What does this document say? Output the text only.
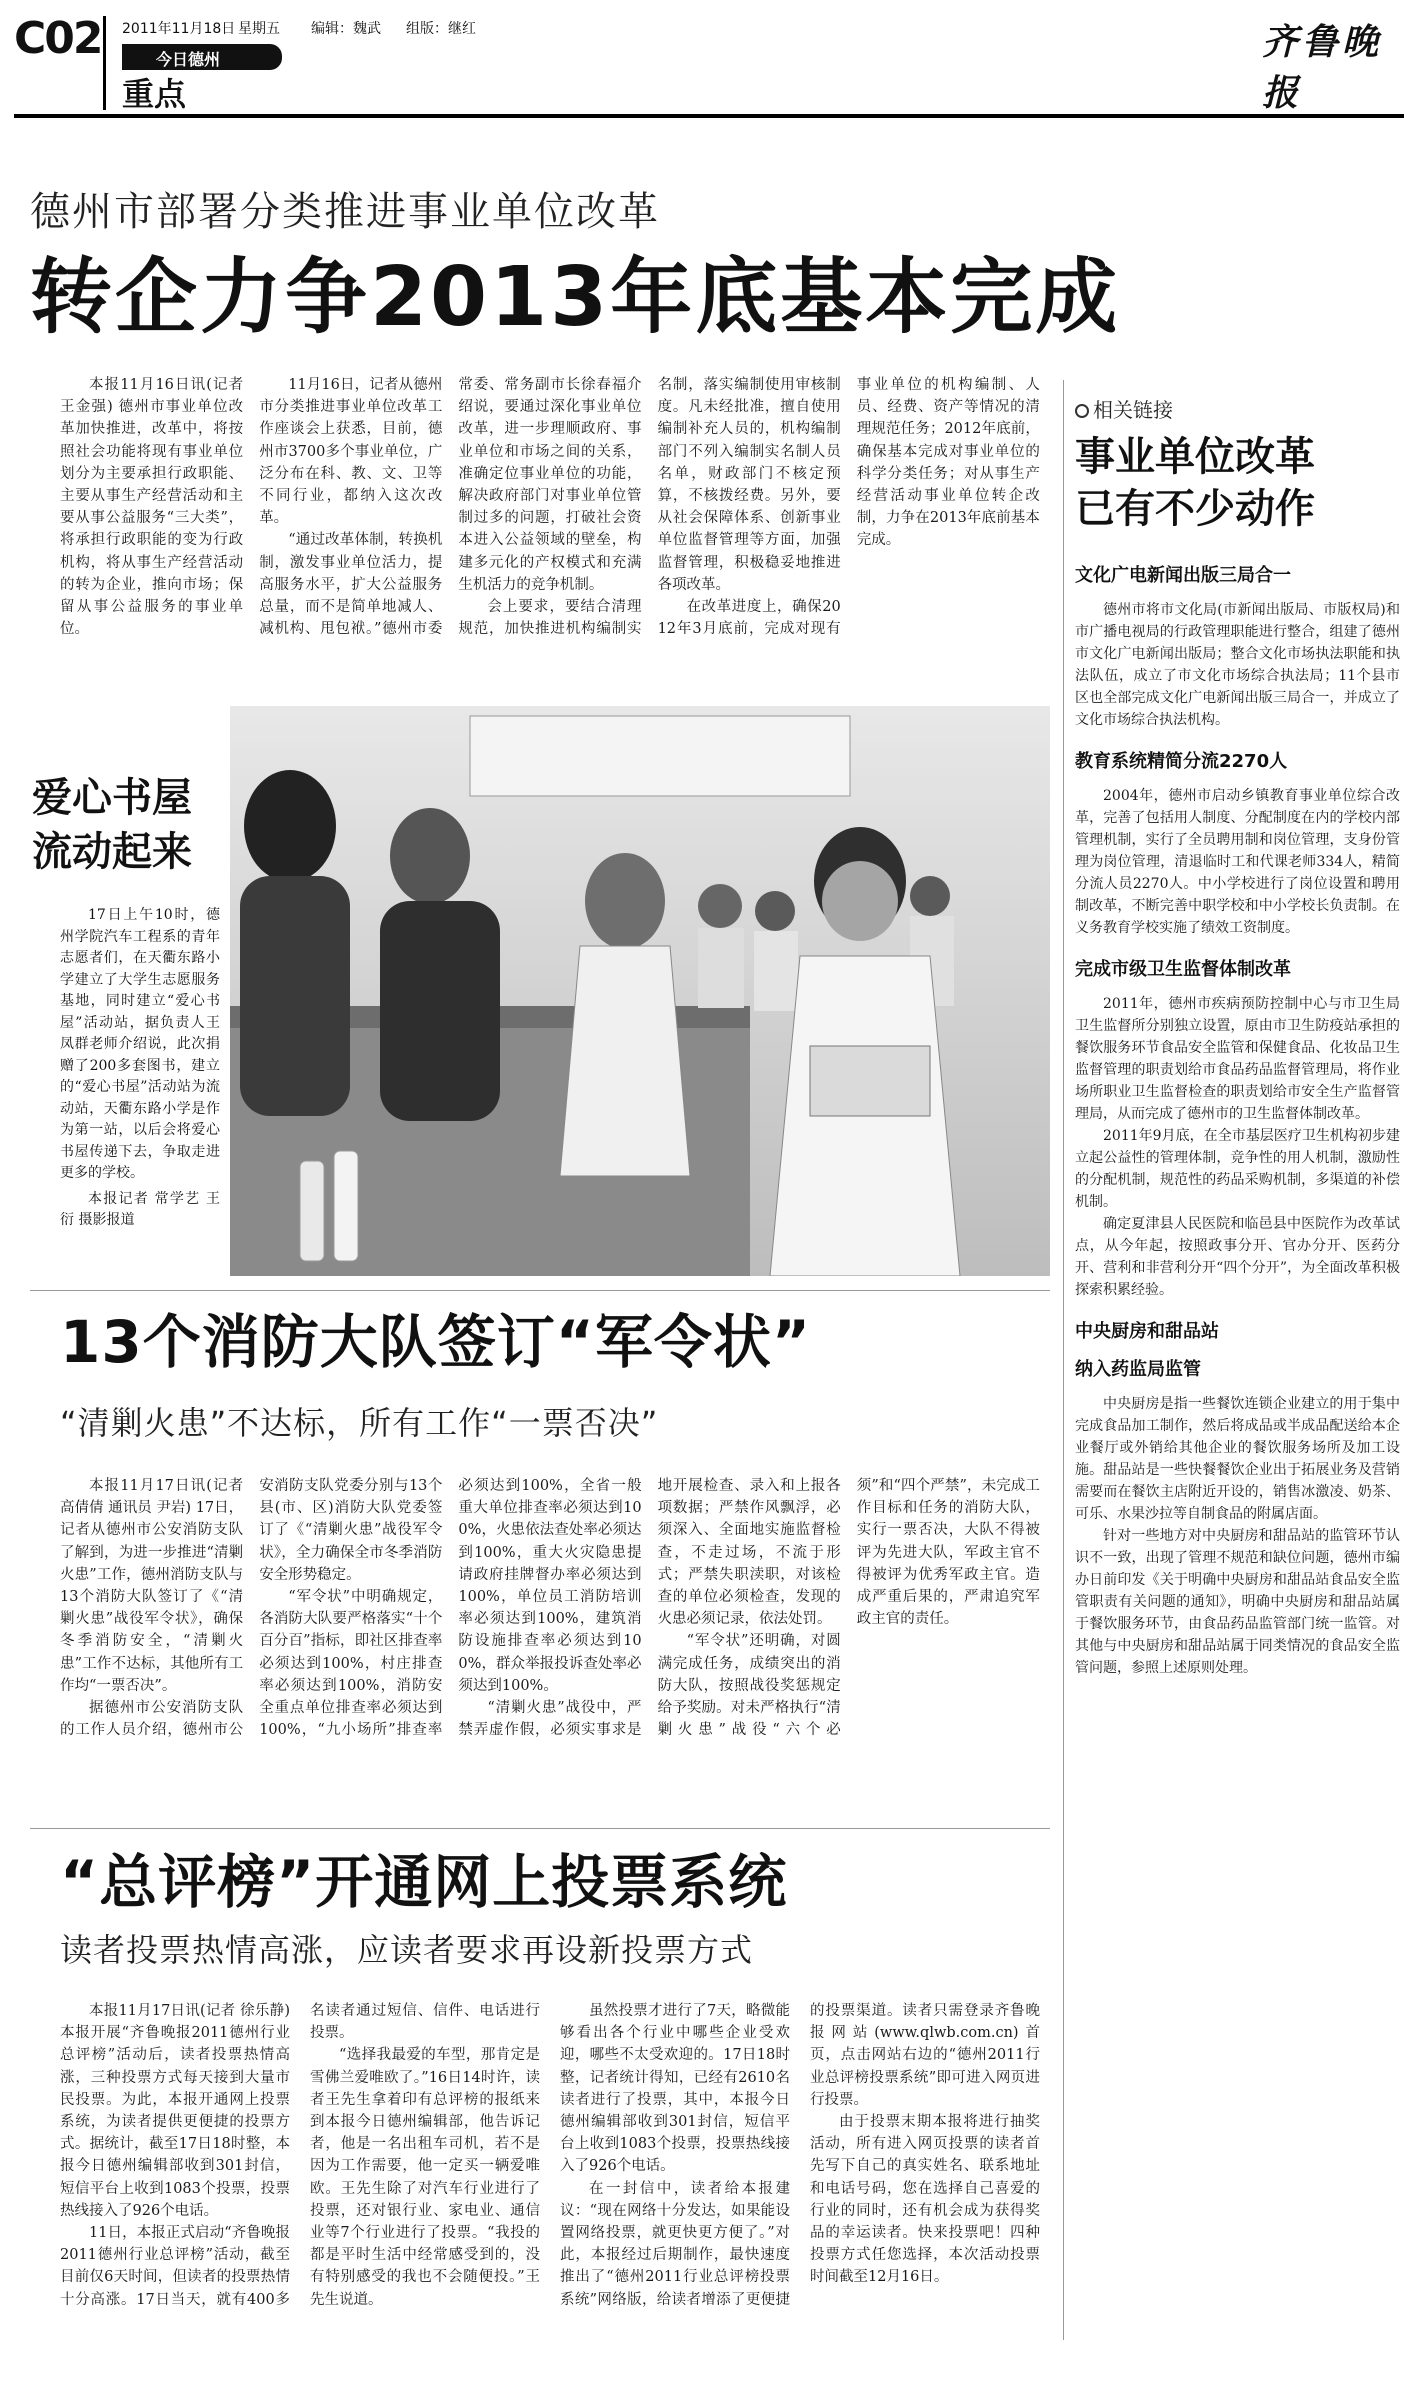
C02 2011年11月18日 星期五 编辑：魏武 组版：继红
今日德州
重点
齐鲁晚报
德州市部署分类推进事业单位改革
转企力争2013年底基本完成

本报11月16日讯(记者 王金强) 德州市事业单位改革加快推进，改革中，将按照社会功能将现有事业单位划分为主要承担行政职能、主要从事生产经营活动和主要从事公益服务“三大类”，将承担行政职能的变为行政机构，将从事生产经营活动的转为企业，推向市场；保留从事公益服务的事业单位。

11月16日，记者从德州市分类推进事业单位改革工作座谈会上获悉，目前，德州市3700多个事业单位，广泛分布在科、教、文、卫等不同行业，都纳入这次改革。

“通过改革体制，转换机制，激发事业单位活力，提高服务水平，扩大公益服务总量，而不是简单地减人、减机构、甩包袱。”德州市委常委、常务副市长徐春福介绍说，要通过深化事业单位改革，进一步理顺政府、事业单位和市场之间的关系，准确定位事业单位的功能，解决政府部门对事业单位管制过多的问题，打破社会资本进入公益领域的壁垒，构建多元化的产权模式和充满生机活力的竞争机制。

会上要求，要结合清理规范，加快推进机构编制实名制，落实编制使用审核制度。凡未经批准，擅自使用编制补充人员的，机构编制部门不列入编制实名制人员名单，财政部门不核定预算，不核拨经费。另外，要从社会保障体系、创新事业单位监督管理等方面，加强监督管理，积极稳妥地推进各项改革。

在改革进度上，确保2012年3月底前，完成对现有事业单位的机构编制、人员、经费、资产等情况的清理规范任务；2012年底前，确保基本完成对事业单位的科学分类任务；对从事生产经营活动事业单位转企改制，力争在2013年底前基本完成。

相关链接
事业单位改革
已有不少动作
文化广电新闻出版三局合一

德州市将市文化局(市新闻出版局、市版权局)和市广播电视局的行政管理职能进行整合，组建了德州市文化广电新闻出版局；整合文化市场执法职能和执法队伍，成立了市文化市场综合执法局；11个县市区也全部完成文化广电新闻出版三局合一，并成立了文化市场综合执法机构。

教育系统精简分流2270人

2004年，德州市启动乡镇教育事业单位综合改革，完善了包括用人制度、分配制度在内的学校内部管理机制，实行了全员聘用制和岗位管理，支身份管理为岗位管理，清退临时工和代课老师334人，精简分流人员2270人。中小学校进行了岗位设置和聘用制改革，不断完善中职学校和中小学校长负责制。在义务教育学校实施了绩效工资制度。

完成市级卫生监督体制改革

2011年，德州市疾病预防控制中心与市卫生局卫生监督所分别独立设置，原由市卫生防疫站承担的餐饮服务环节食品安全监管和保健食品、化妆品卫生监督管理的职责划给市食品药品监督管理局，将作业场所职业卫生监督检查的职责划给市安全生产监督管理局，从而完成了德州市的卫生监督体制改革。

2011年9月底，在全市基层医疗卫生机构初步建立起公益性的管理体制，竞争性的用人机制，激励性的分配机制，规范性的药品采购机制，多渠道的补偿机制。

确定夏津县人民医院和临邑县中医院作为改革试点，从今年起，按照政事分开、官办分开、医药分开、营利和非营利分开“四个分开”，为全面改革积极探索积累经验。

中央厨房和甜品站
纳入药监局监管

中央厨房是指一些餐饮连锁企业建立的用于集中完成食品加工制作，然后将成品或半成品配送给本企业餐厅或外销给其他企业的餐饮服务场所及加工设施。甜品站是一些快餐餐饮企业出于拓展业务及营销需要而在餐饮主店附近开设的，销售冰激凌、奶茶、可乐、水果沙拉等自制食品的附属店面。

针对一些地方对中央厨房和甜品站的监管环节认识不一致，出现了管理不规范和缺位问题，德州市编办日前印发《关于明确中央厨房和甜品站食品安全监管职责有关问题的通知》，明确中央厨房和甜品站属于餐饮服务环节，由食品药品监管部门统一监管。对其他与中央厨房和甜品站属于同类情况的食品安全监管问题，参照上述原则处理。

爱心书屋
流动起来

17日上午10时，德州学院汽车工程系的青年志愿者们，在天衢东路小学建立了大学生志愿服务基地，同时建立“爱心书屋”活动站，据负责人王凤群老师介绍说，此次捐赠了200多套图书，建立的“爱心书屋”活动站为流动站，天衢东路小学是作为第一站，以后会将爱心书屋传递下去，争取走进更多的学校。

本报记者 常学艺 王衍 摄影报道

13个消防大队签订“军令状”
“清剿火患”不达标，所有工作“一票否决”

本报11月17日讯(记者 高倩倩 通讯员 尹岩) 17日，记者从德州市公安消防支队了解到，为进一步推进“清剿火患”工作，德州消防支队与13个消防大队签订了《“清剿火患”战役军令状》，确保冬季消防安全，“清剿火患”工作不达标，其他所有工作均“一票否决”。

据德州市公安消防支队的工作人员介绍，德州市公安消防支队党委分别与13个县(市、区)消防大队党委签订了《“清剿火患”战役军令状》，全力确保全市冬季消防安全形势稳定。

“军令状”中明确规定，各消防大队要严格落实“十个百分百”指标，即社区排查率必须达到100%，村庄排查率必须达到100%，消防安全重点单位排查率必须达到100%，“九小场所”排查率必须达到100%，全省一般重大单位排查率必须达到100%，火患依法查处率必须达到100%，重大火灾隐患提请政府挂牌督办率必须达到100%，单位员工消防培训率必须达到100%，建筑消防设施排查率必须达到100%，群众举报投诉查处率必须达到100%。

“清剿火患”战役中，严禁弄虚作假，必须实事求是地开展检查、录入和上报各项数据；严禁作风飘浮，必须深入、全面地实施监督检查，不走过场，不流于形式；严禁失职渎职，对该检查的单位必须检查，发现的火患必须记录，依法处罚。

“军令状”还明确，对圆满完成任务，成绩突出的消防大队，按照战役奖惩规定给予奖励。对未严格执行“清剿火患”战役“六个必须”和“四个严禁”，未完成工作目标和任务的消防大队，实行一票否决，大队不得被评为先进大队，军政主官不得被评为优秀军政主官。造成严重后果的，严肃追究军政主官的责任。

“总评榜”开通网上投票系统
读者投票热情高涨，应读者要求再设新投票方式

本报11月17日讯(记者 徐乐静) 本报开展“齐鲁晚报2011德州行业总评榜”活动后，读者投票热情高涨，三种投票方式每天接到大量市民投票。为此，本报开通网上投票系统，为读者提供更便捷的投票方式。据统计，截至17日18时整，本报今日德州编辑部收到301封信，短信平台上收到1083个投票，投票热线接入了926个电话。

11日，本报正式启动“齐鲁晚报2011德州行业总评榜”活动，截至目前仅6天时间，但读者的投票热情十分高涨。17日当天，就有400多名读者通过短信、信件、电话进行投票。

“选择我最爱的车型，那肯定是雪佛兰爱唯欧了。”16日14时许，读者王先生拿着印有总评榜的报纸来到本报今日德州编辑部，他告诉记者，他是一名出租车司机，若不是因为工作需要，他一定买一辆爱唯欧。王先生除了对汽车行业进行了投票，还对银行业、家电业、通信业等7个行业进行了投票。“我投的都是平时生活中经常感受到的，没有特别感受的我也不会随便投。”王先生说道。

虽然投票才进行了7天，略微能够看出各个行业中哪些企业受欢迎，哪些不太受欢迎的。17日18时整，记者统计得知，已经有2610名读者进行了投票，其中，本报今日德州编辑部收到301封信，短信平台上收到1083个投票，投票热线接入了926个电话。

在一封信中，读者给本报建议：“现在网络十分发达，如果能设置网络投票，就更快更方便了。”对此，本报经过后期制作，最快速度推出了“德州2011行业总评榜投票系统”网络版，给读者增添了更便捷的投票渠道。读者只需登录齐鲁晚报网站(www.qlwb.com.cn)首页，点击网站右边的“德州2011行业总评榜投票系统”即可进入网页进行投票。

由于投票末期本报将进行抽奖活动，所有进入网页投票的读者首先写下自己的真实姓名、联系地址和电话号码，您在选择自己喜爱的行业的同时，还有机会成为获得奖品的幸运读者。快来投票吧！四种投票方式任您选择，本次活动投票时间截至12月16日。
